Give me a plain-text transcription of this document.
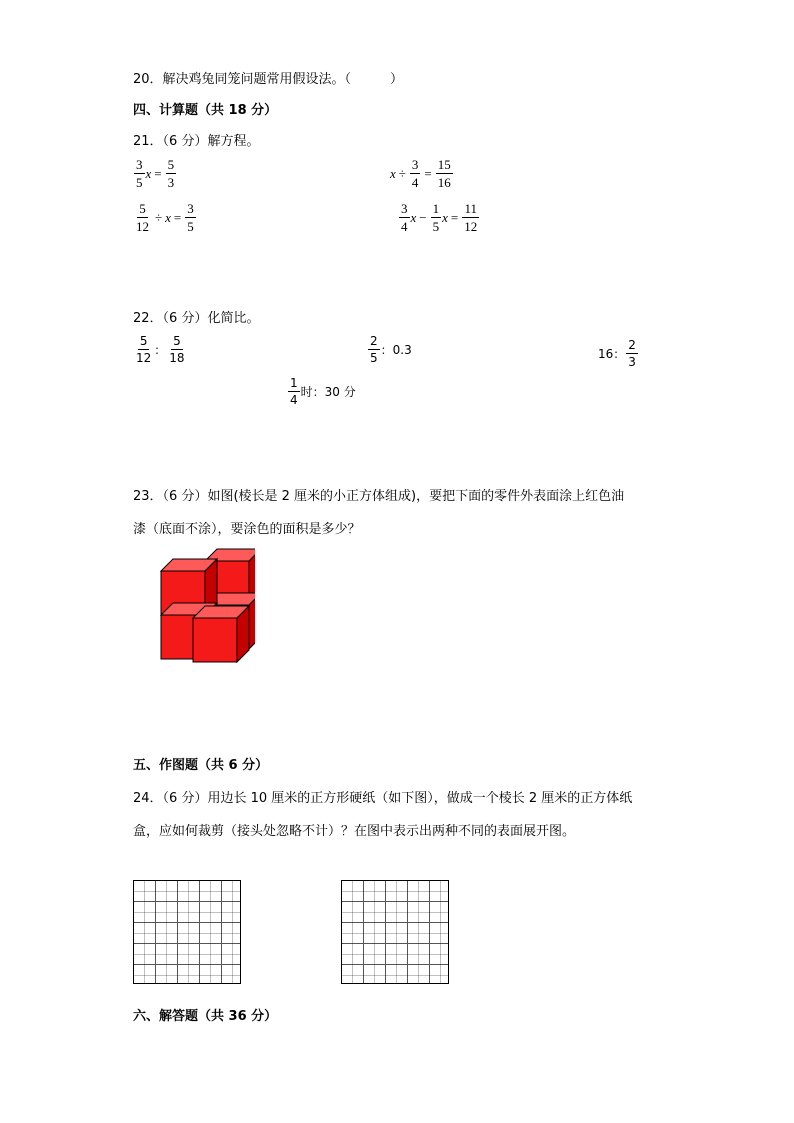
20．解决鸡兔同笼问题常用假设法。（　　　）
四、计算题（共 18 分）
21．（6 分）解方程。
$\frac{3}{5}$ $x = \frac{5}{3}$	$x \div \frac{3}{4} = \frac{15}{16}$
$\frac{5}{12} \div x = \frac{3}{5}$	$\frac{3}{4}$ $x - \frac{1}{5}$ $x = \frac{11}{12}$
22．（6 分）化简比。
$\frac{5}{12}$ ： $\frac{5}{18}$	$\frac{2}{5}$ ：0.3	16： $\frac{2}{3}$
$\frac{1}{4}$ 时：30 分
23．（6 分）如图(棱长是 2 厘米的小正方体组成)，要把下面的零件外表面涂上红色油
漆（底面不涂），要涂色的面积是多少？
五、作图题（共 6 分）
24．（6 分）用边长 10 厘米的正方形硬纸（如下图），做成一个棱长 2 厘米的正方体纸
盒，应如何裁剪（接头处忽略不计）？在图中表示出两种不同的表面展开图。
六、解答题（共 36 分）
